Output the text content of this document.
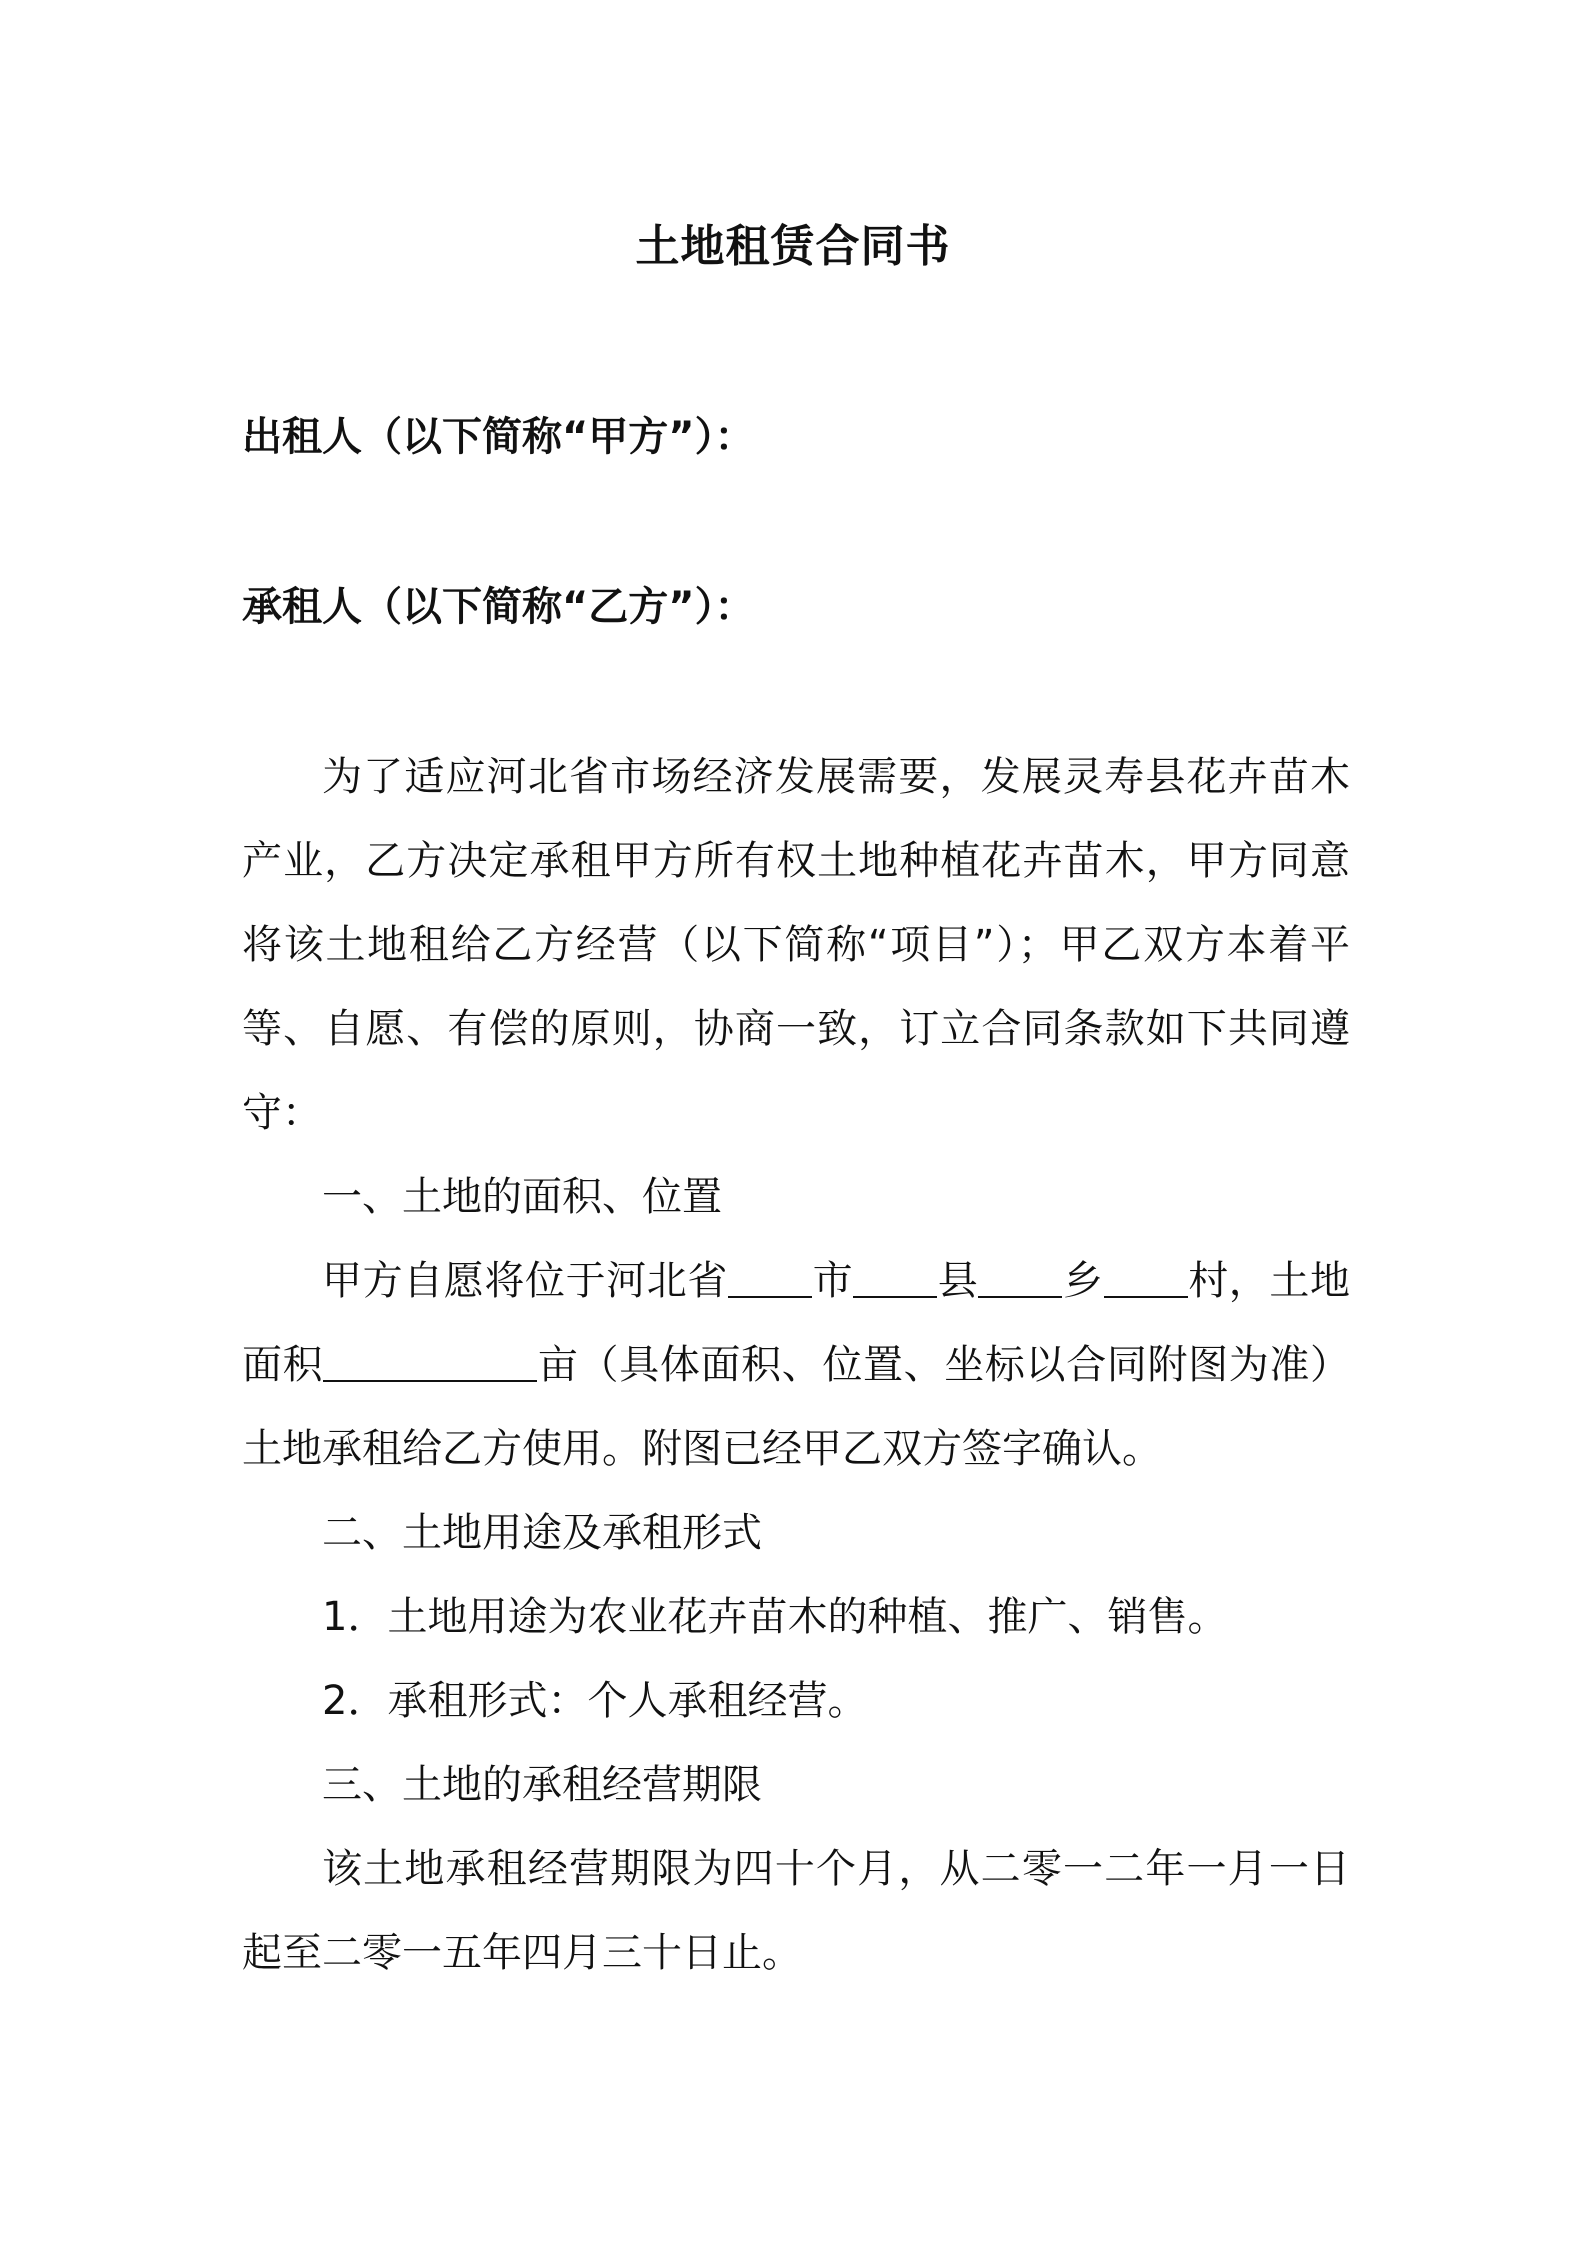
土地租赁合同书

出租人（以下简称“甲方”）：

承租人（以下简称“乙方”）：

为了适应河北省市场经济发展需要，发展灵寿县花卉苗木产业，乙方决定承租甲方所有权土地种植花卉苗木，甲方同意将该土地租给乙方经营（以下简称“项目”）；甲乙双方本着平等、自愿、有偿的原则，协商一致，订立合同条款如下共同遵守：

一、土地的面积、位置

甲方自愿将位于河北省 市 县 乡 村，土地面积	亩（具体面积、位置、坐标以合同附图为准）土地承租给乙方使用。附图已经甲乙双方签字确认。

二、土地用途及承租形式

1．土地用途为农业花卉苗木的种植、推广、销售。

2．承租形式：个人承租经营。

三、土地的承租经营期限

该土地承租经营期限为四十个月，从二零一二年一月一日起至二零一五年四月三十日止。
